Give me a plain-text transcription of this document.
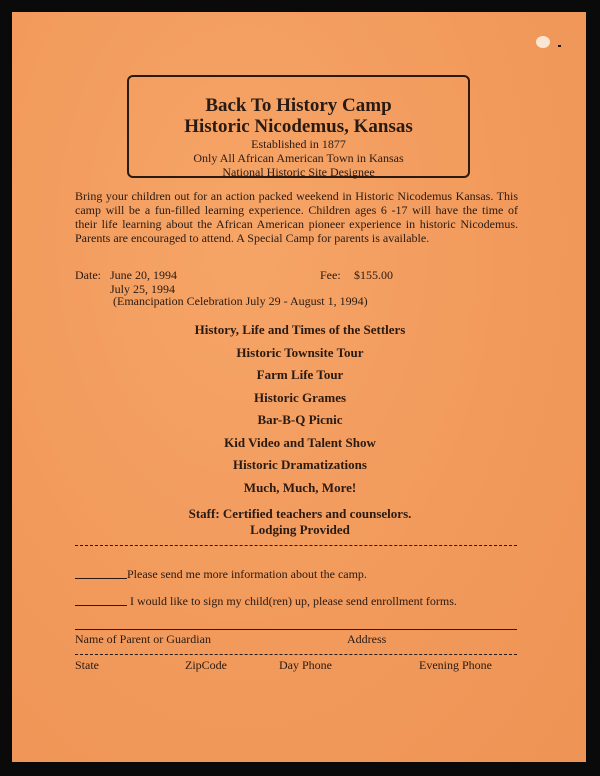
Back To History Camp
Historic Nicodemus, Kansas
Established in 1877
Only All African American Town in Kansas
National Historic Site Designee

Bring your children out for an action packed weekend in Historic Nicodemus Kansas. This camp will be a fun-filled learning experience. Children ages 6 -17 will have the time of their life learning about the African American pioneer experience in historic Nicodemus. Parents are encouraged to attend. A Special Camp for parents is available.

Date: June 20, 1994	Fee: $155.00
July 25, 1994
(Emancipation Celebration July 29 - August 1, 1994)
History, Life and Times of the Settlers
Historic Townsite Tour
Farm Life Tour
Historic Grames
Bar-B-Q Picnic
Kid Video and Talent Show
Historic Dramatizations
Much, Much, More!
Staff: Certified teachers and counselors.
Lodging Provided
Please send me more information about the camp.
I would like to sign my child(ren) up, please send enrollment forms.
Name of Parent or Guardian	Address
State	ZipCode	Day Phone	Evening Phone
